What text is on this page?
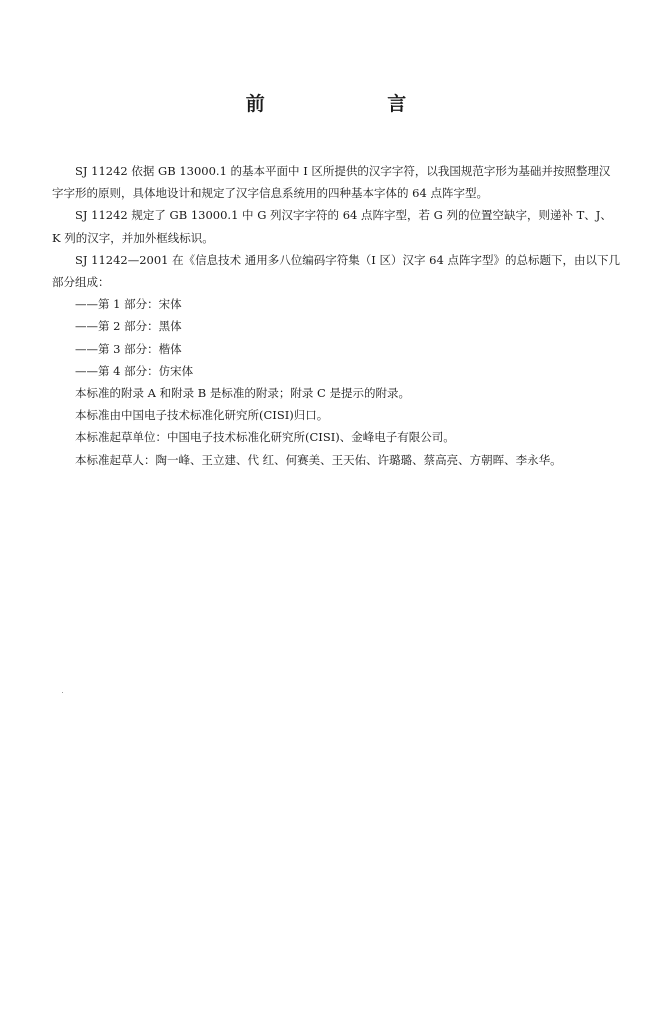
前 言

SJ 11242 依据 GB 13000.1 的基本平面中 I 区所提供的汉字字符，以我国规范字形为基础并按照整理汉字字形的原则，具体地设计和规定了汉字信息系统用的四种基本字体的 64 点阵字型。

SJ 11242 规定了 GB 13000.1 中 G 列汉字字符的 64 点阵字型，若 G 列的位置空缺字，则递补 T、J、K 列的汉字，并加外框线标识。

SJ 11242—2001 在《信息技术 通用多八位编码字符集（I 区）汉字 64 点阵字型》的总标题下，由以下几部分组成：

——第 1 部分：宋体

——第 2 部分：黑体

——第 3 部分：楷体

——第 4 部分：仿宋体

本标准的附录 A 和附录 B 是标准的附录；附录 C 是提示的附录。

本标准由中国电子技术标准化研究所(CISI)归口。

本标准起草单位：中国电子技术标准化研究所(CISI)、金峰电子有限公司。

本标准起草人：陶一峰、王立建、代 红、何赛美、王天佑、许璐璐、蔡高亮、方朝晖、李永华。
